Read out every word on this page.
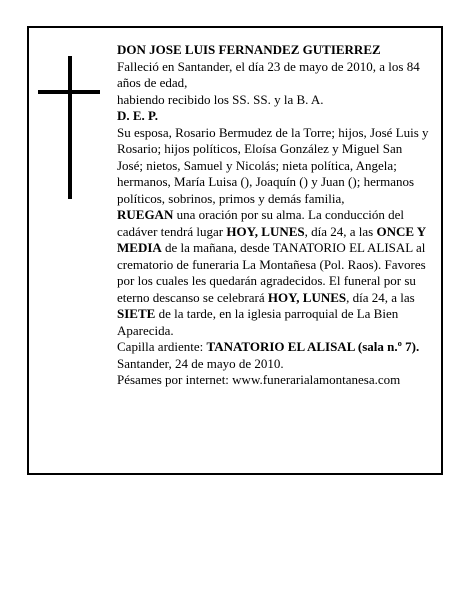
DON JOSE LUIS FERNANDEZ GUTIERREZ

Falleció en Santander, el día 23 de mayo de 2010, a los 84 años de edad,

habiendo recibido los SS. SS. y la B. A.

D. E. P.

Su esposa, Rosario Bermudez de la Torre; hijos, José Luis y Rosario; hijos políticos, Eloísa González y Miguel San José; nietos, Samuel y Nicolás; nieta política, Angela; hermanos, María Luisa (), Joaquín () y Juan (); hermanos políticos, sobrinos, primos y demás familia,

RUEGAN una oración por su alma. La conducción del cadáver tendrá lugar HOY, LUNES, día 24, a las ONCE Y MEDIA de la mañana, desde TANATORIO EL ALISAL al crematorio de funeraria La Montañesa (Pol. Raos). Favores por los cuales les quedarán agradecidos. El funeral por su eterno descanso se celebrará HOY, LUNES, día 24, a las SIETE de la tarde, en la iglesia parroquial de La Bien Aparecida.

Capilla ardiente: TANATORIO EL ALISAL (sala n.º 7).

Santander, 24 de mayo de 2010.

Pésames por internet: www.funerarialamontanesa.com
